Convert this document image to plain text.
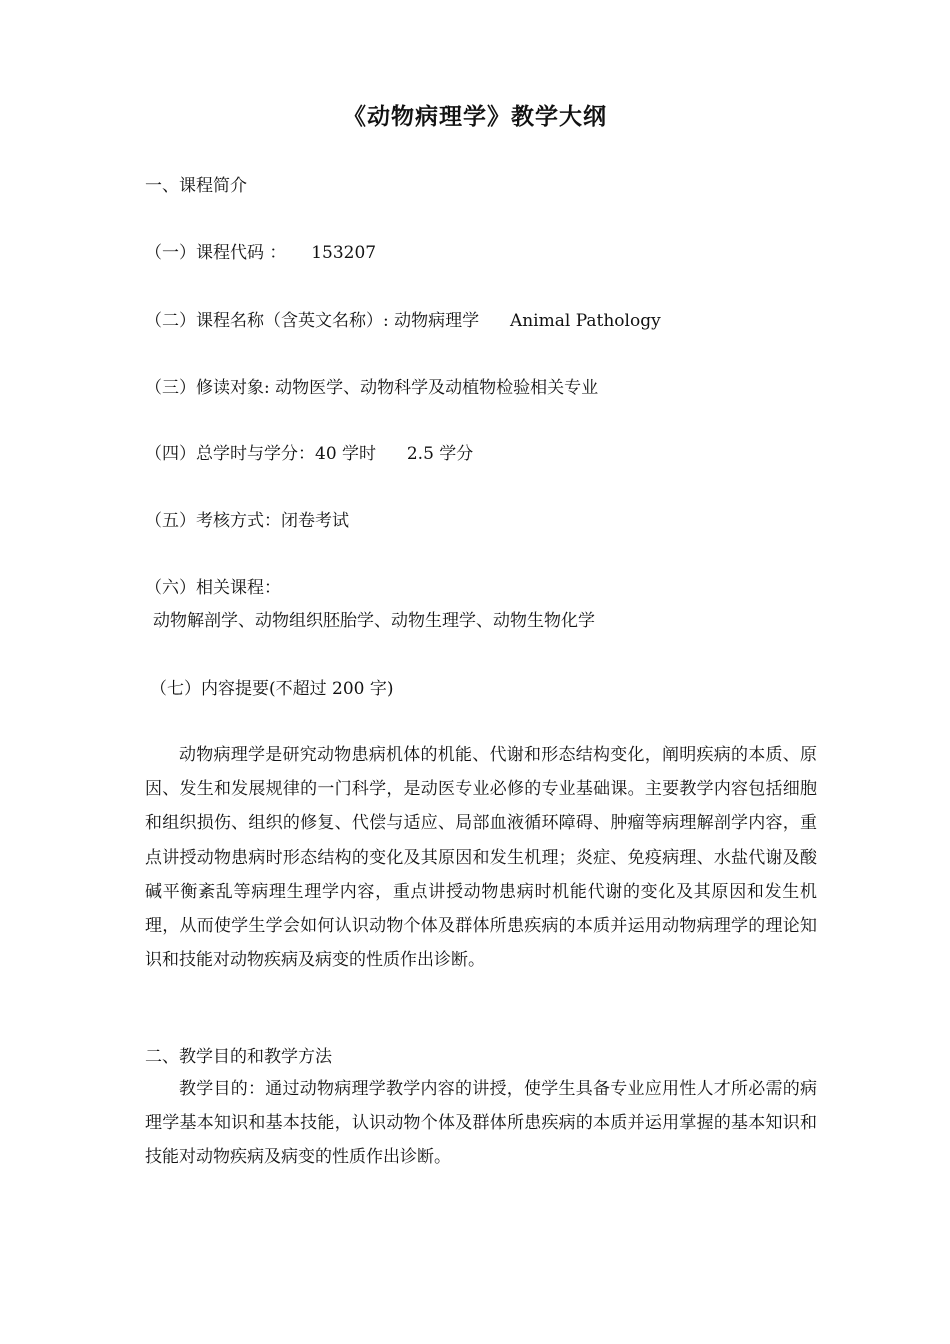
《动物病理学》教学大纲
一、课程简介
（一）课程代码 ： 153207
（二）课程名称（含英文名称）: 动物病理学 Animal Pathology
（三）修读对象: 动物医学、动物科学及动植物检验相关专业
（四）总学时与学分：40 学时 2.5 学分
（五）考核方式：闭卷考试
（六）相关课程：
动物解剖学、动物组织胚胎学、动物生理学、动物生物化学
（七）内容提要(不超过 200 字)
动物病理学是研究动物患病机体的机能、代谢和形态结构变化，阐明疾病的本质、原因、发生和发展规律的一门科学，是动医专业必修的专业基础课。主要教学内容包括细胞和组织损伤、组织的修复、代偿与适应、局部血液循环障碍、肿瘤等病理解剖学内容，重点讲授动物患病时形态结构的变化及其原因和发生机理；炎症、免疫病理、水盐代谢及酸碱平衡紊乱等病理生理学内容，重点讲授动物患病时机能代谢的变化及其原因和发生机理，从而使学生学会如何认识动物个体及群体所患疾病的本质并运用动物病理学的理论知识和技能对动物疾病及病变的性质作出诊断。
二、教学目的和教学方法
教学目的：通过动物病理学教学内容的讲授，使学生具备专业应用性人才所必需的病理学基本知识和基本技能，认识动物个体及群体所患疾病的本质并运用掌握的基本知识和技能对动物疾病及病变的性质作出诊断。
